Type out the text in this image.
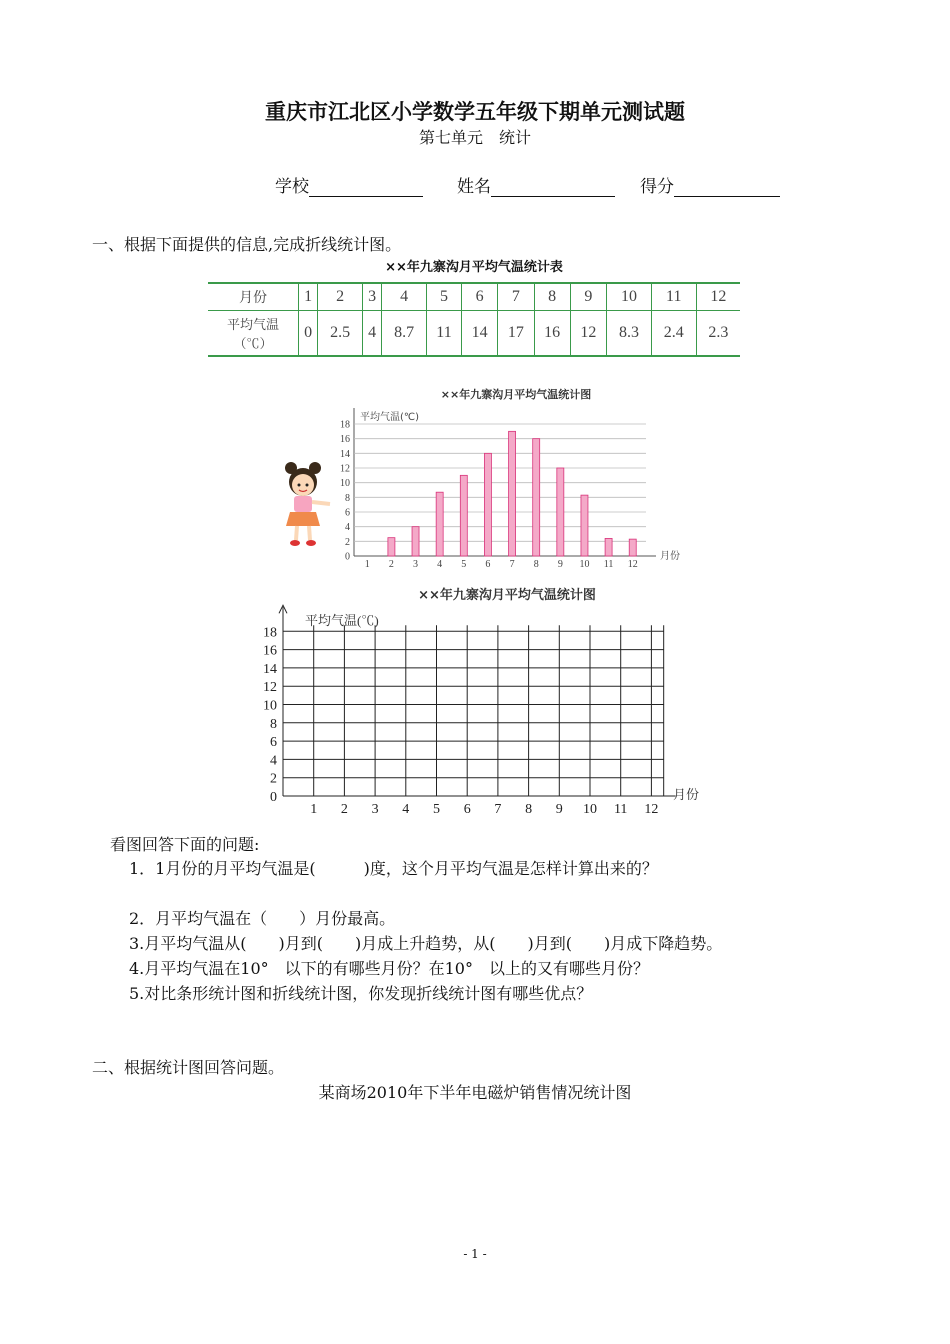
重庆市江北区小学数学五年级下期单元测试题
第七单元　统计
学校	姓名	得分
一、根据下面提供的信息,完成折线统计图。
××年九寨沟月平均气温统计表
月份	1	2	3	4	5	6	7	8	9	10	11	12

平均气温
（℃）	0	2.5	4	8.7	11	14	17	16	12	8.3	2.4	2.3
××年九寨沟月平均气温统计图
平均气温(℃)
月份
0
2
4
6
8
10
12
14
16
18
1 2 3 4 5 6 7 8 9 10 11 12
××年九寨沟月平均气温统计图
平均气温(℃)
月份
0
2
4
6
8
10
12
14
16
18
1 2 3 4 5 6 7 8 9 10 11 12
看图回答下面的问题:
1．1月份的月平均气温是(　　　)度，这个月平均气温是怎样计算出来的？
2．月平均气温在（　　）月份最高。
3.月平均气温从(　　)月到(　　)月成上升趋势，从(　　)月到(　　)月成下降趋势。
4.月平均气温在10°　以下的有哪些月份？在10°　以上的又有哪些月份？
5.对比条形统计图和折线统计图，你发现折线统计图有哪些优点？
二、根据统计图回答问题。
某商场2010年下半年电磁炉销售情况统计图
- 1 -
